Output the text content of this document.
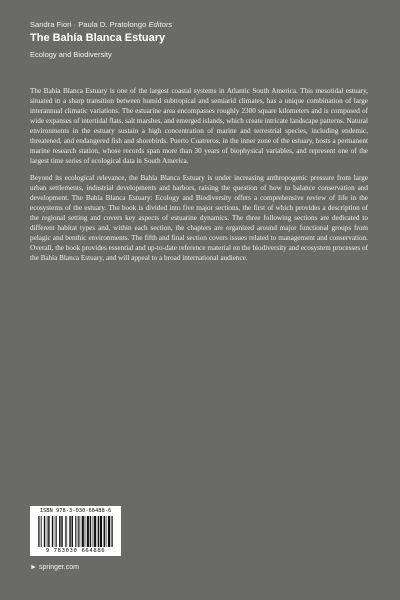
Sandra Fiori · Paula D. Pratolongo Editors
The Bahía Blanca Estuary
Ecology and Biodiversity

The Bahía Blanca Estuary is one of the largest coastal systems in Atlantic South America. This mesotidal estuary, situated in a sharp transition between humid subtropical and semiarid climates, has a unique combination of large interannual climatic variations. The estuarine area encompasses roughly 2300 square kilometers and is composed of wide expanses of intertidal flats, salt marshes, and emerged islands, which create intricate landscape patterns. Natural environments in the estuary sustain a high concentration of marine and terrestrial species, including endemic, threatened, and endangered fish and shorebirds. Puerto Cuatreros, in the inner zone of the estuary, hosts a permanent marine research station, whose records span more than 30 years of biophysical variables, and represent one of the largest time series of ecological data in South America.

Beyond its ecological relevance, the Bahía Blanca Estuary is under increasing anthropogenic pressure from large urban settlements, industrial developments and harbors, raising the question of how to balance conservation and development. The Bahía Blanca Estuary: Ecology and Biodiversity offers a comprehensive review of life in the ecosystems of the estuary. The book is divided into five major sections, the first of which provides a description of the regional setting and covers key aspects of estuarine dynamics. The three following sections are dedicated to different habitat types and, within each section, the chapters are organized around major functional groups from pelagic and benthic environments. The fifth and final section covers issues related to management and conservation. Overall, the book provides essential and up-to-date reference material on the biodiversity and ecosystem processes of the Bahía Blanca Estuary, and will appeal to a broad international audience.

ISBN 978-3-030-66488-6
9 783030 664886
► springer.com
